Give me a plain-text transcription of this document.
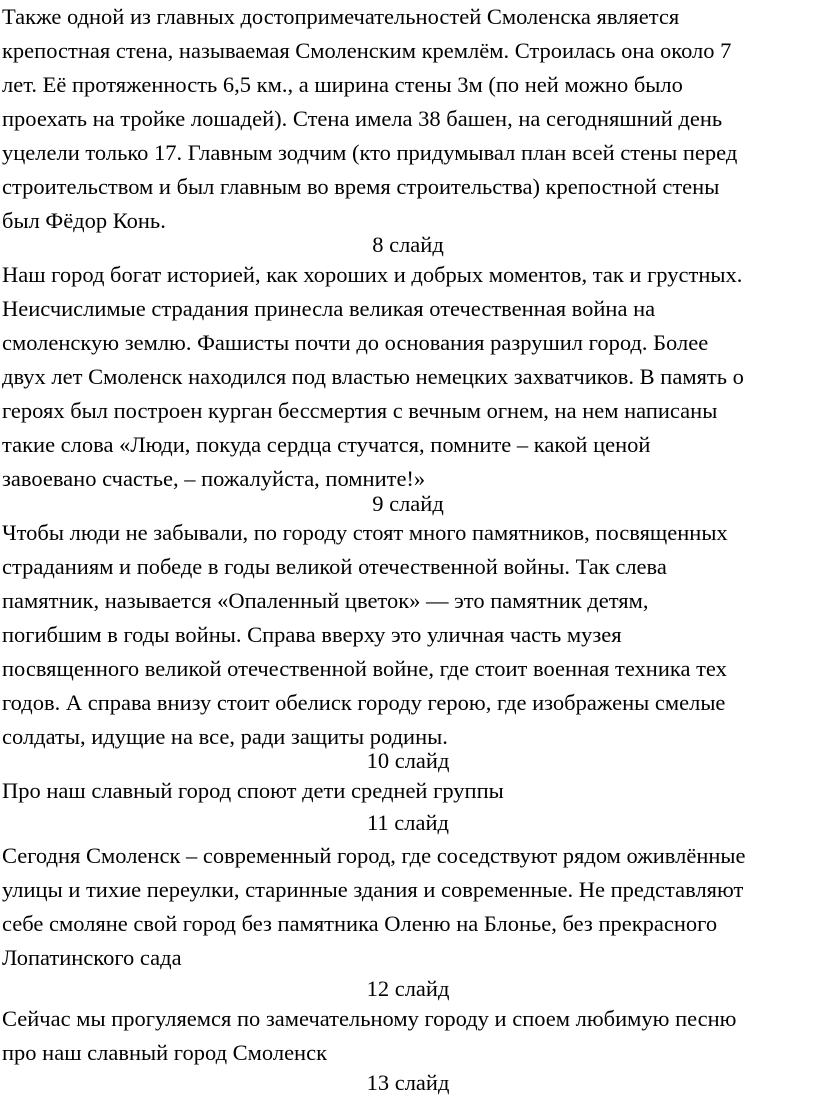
Также одной из главных достопримечательностей Смоленска является
крепостная стена, называемая Смоленским кремлём. Строилась она около 7
лет. Её протяженность 6,5 км., а ширина стены 3м (по ней можно было
проехать на тройке лошадей). Стена имела 38 башен, на сегодняшний день
уцелели только 17. Главным зодчим (кто придумывал план всей стены перед
строительством и был главным во время строительства) крепостной стены
был Фёдор Конь.
8 слайд
Наш город богат историей, как хороших и добрых моментов, так и грустных.
Неисчислимые страдания принесла великая отечественная война на
смоленскую землю. Фашисты почти до основания разрушил город. Более
двух лет Смоленск находился под властью немецких захватчиков. В память о
героях был построен курган бессмертия с вечным огнем, на нем написаны
такие слова «Люди, покуда сердца стучатся, помните – какой ценой
завоевано счастье, – пожалуйста, помните!»
9 слайд
Чтобы люди не забывали, по городу стоят много памятников, посвященных
страданиям и победе в годы великой отечественной войны. Так слева
памятник, называется «Опаленный цветок» — это памятник детям,
погибшим в годы войны. Справа вверху это уличная часть музея
посвященного великой отечественной войне, где стоит военная техника тех
годов. А справа внизу стоит обелиск городу герою, где изображены смелые
солдаты, идущие на все, ради защиты родины.
10 слайд
Про наш славный город споют дети средней группы
11 слайд
Сегодня Смоленск – современный город, где соседствуют рядом оживлённые
улицы и тихие переулки, старинные здания и современные. Не представляют
себе смоляне свой город без памятника Оленю на Блонье, без прекрасного
Лопатинского сада
12 слайд
Сейчас мы прогуляемся по замечательному городу и споем любимую песню
про наш славный город Смоленск
13 слайд
